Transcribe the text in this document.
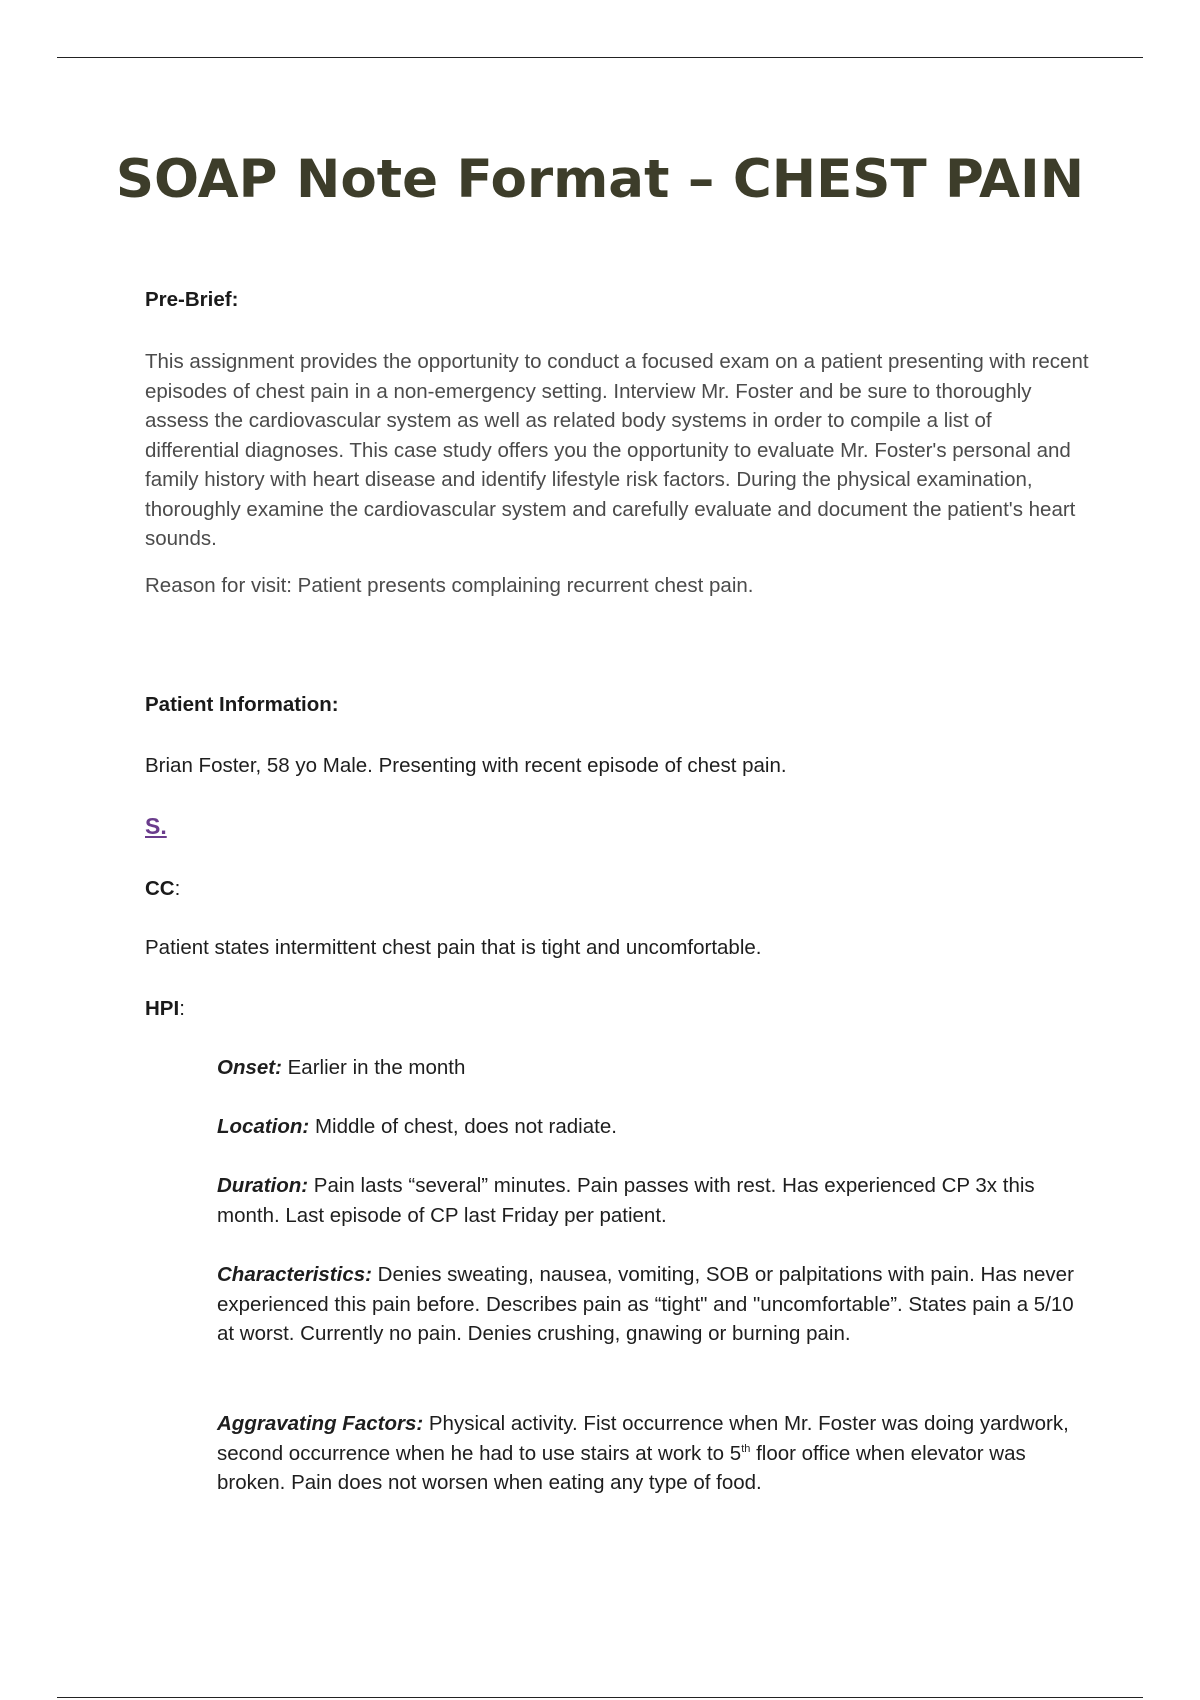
SOAP Note Format – CHEST PAIN

Pre-Brief:

This assignment provides the opportunity to conduct a focused exam on a patient presenting with recent episodes of chest pain in a non-emergency setting. Interview Mr. Foster and be sure to thoroughly assess the cardiovascular system as well as related body systems in order to compile a list of differential diagnoses. This case study offers you the opportunity to evaluate Mr. Foster's personal and family history with heart disease and identify lifestyle risk factors. During the physical examination, thoroughly examine the cardiovascular system and carefully evaluate and document the patient's heart sounds.

Reason for visit: Patient presents complaining recurrent chest pain.

Patient Information:

Brian Foster, 58 yo Male. Presenting with recent episode of chest pain.

S.

CC:

Patient states intermittent chest pain that is tight and uncomfortable.

HPI:

Onset: Earlier in the month

Location: Middle of chest, does not radiate.

Duration: Pain lasts “several” minutes. Pain passes with rest. Has experienced CP 3x this month. Last episode of CP last Friday per patient.

Characteristics: Denies sweating, nausea, vomiting, SOB or palpitations with pain. Has never experienced this pain before. Describes pain as “tight" and "uncomfortable”. States pain a 5/10 at worst. Currently no pain. Denies crushing, gnawing or burning pain.

Aggravating Factors: Physical activity. Fist occurrence when Mr. Foster was doing yardwork, second occurrence when he had to use stairs at work to 5th floor office when elevator was broken. Pain does not worsen when eating any type of food.
